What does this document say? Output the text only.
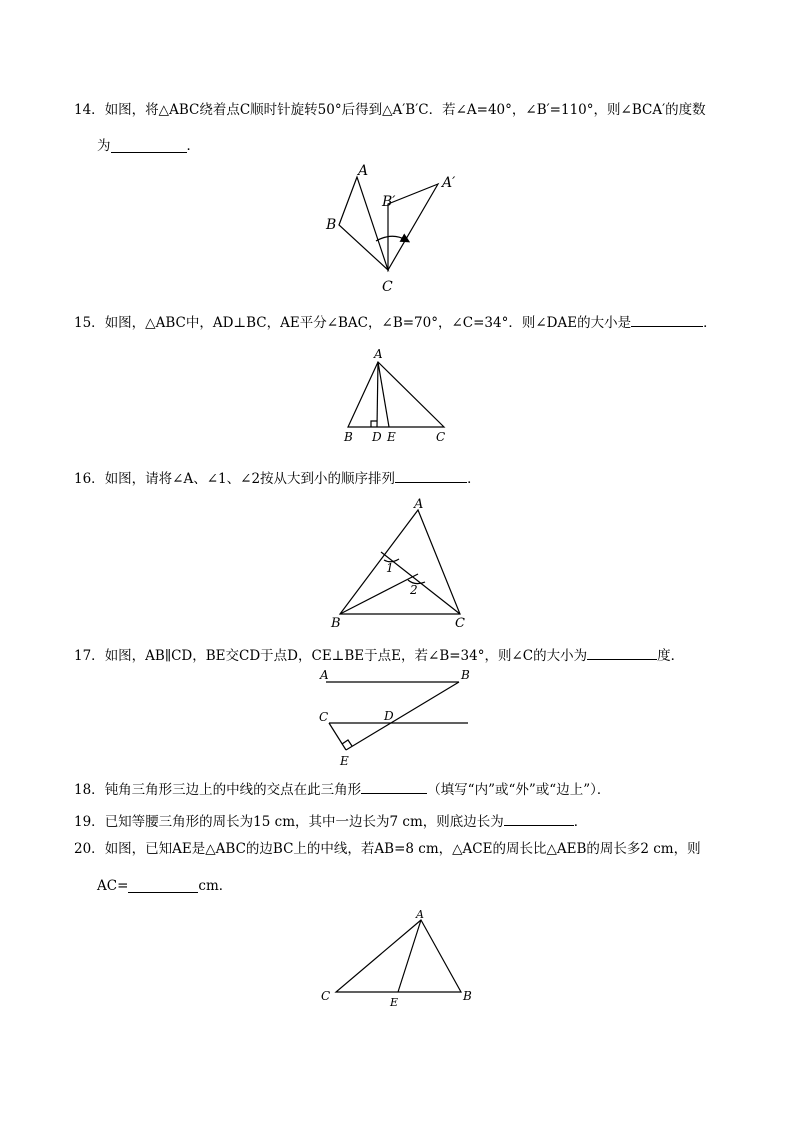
14．如图，将△ABC绕着点C顺时针旋转50°后得到△A′B′C．若∠A=40°，∠B′=110°，则∠BCA′的度数
为	．
15．如图，△ABC中，AD⊥BC，AE平分∠BAC，∠B=70°，∠C=34°．则∠DAE的大小是	．
16．如图，请将∠A、∠1、∠2按从大到小的顺序排列	．
17．如图，AB∥CD，BE交CD于点D，CE⊥BE于点E，若∠B=34°，则∠C的大小为	度．
18．钝角三角形三边上的中线的交点在此三角形	（填写“内”或“外”或“边上”）．
19．已知等腰三角形的周长为15 cm，其中一边长为7 cm，则底边长为	．
20．如图，已知AE是△ABC的边BC上的中线，若AB=8 cm，△ACE的周长比△AEB的周长多2 cm，则
AC=	cm．
A
B
C
A′
B′
A
B D E	C
A
B	C
1
2
A	B
C	D
E
A
C	E	B
